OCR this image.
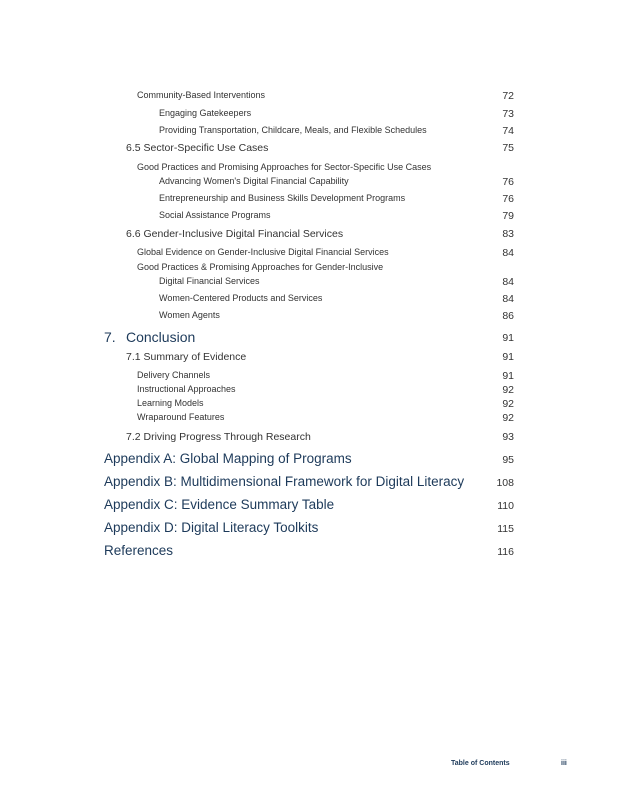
Community-Based Interventions	72
Engaging Gatekeepers	73
Providing Transportation, Childcare, Meals, and Flexible Schedules	74
6.5 Sector-Specific Use Cases	75
Good Practices and Promising Approaches for Sector-Specific Use Cases
Advancing Women's Digital Financial Capability	76
Entrepreneurship and Business Skills Development Programs	76
Social Assistance Programs	79
6.6 Gender-Inclusive Digital Financial Services	83
Global Evidence on Gender-Inclusive Digital Financial Services	84
Good Practices & Promising Approaches for Gender-Inclusive
Digital Financial Services	84
Women-Centered Products and Services	84
Women Agents	86
7. Conclusion	91
7.1 Summary of Evidence	91
Delivery Channels	91
Instructional Approaches	92
Learning Models	92
Wraparound Features	92
7.2 Driving Progress Through Research	93
Appendix A: Global Mapping of Programs	95
Appendix B: Multidimensional Framework for Digital Literacy	108
Appendix C: Evidence Summary Table	110
Appendix D: Digital Literacy Toolkits	115
References	116
Table of Contents	iii
